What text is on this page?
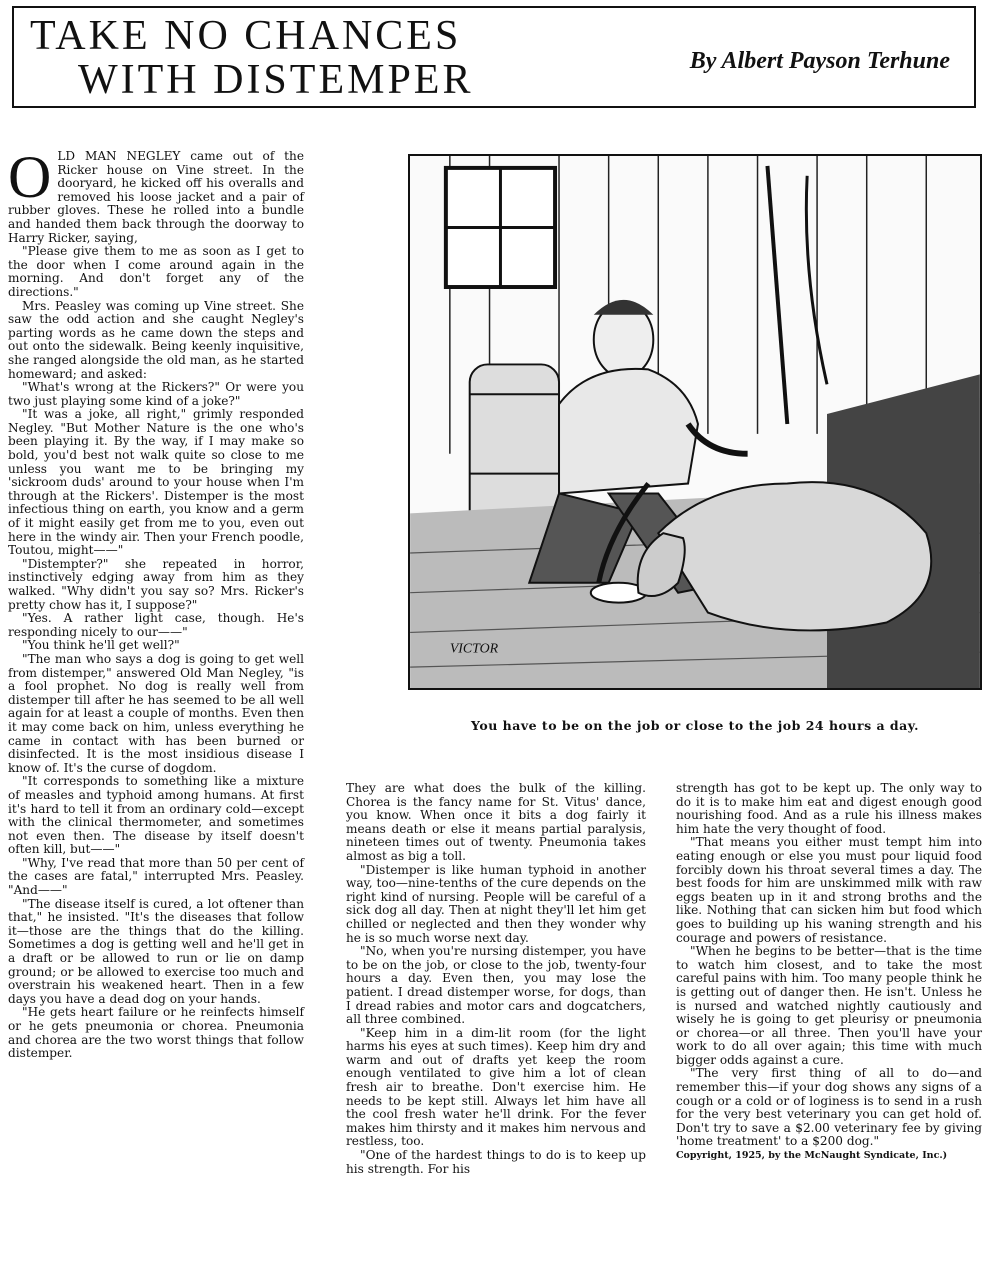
TAKE NO CHANCES
WITH DISTEMPER	By Albert Payson Terhune

OLD MAN NEGLEY came out of the Ricker house on Vine street. In the dooryard, he kicked off his overalls and removed his loose jacket and a pair of rubber gloves. These he rolled into a bundle and handed them back through the doorway to Harry Ricker, saying,

"Please give them to me as soon as I get to the door when I come around again in the morning. And don't forget any of the directions."

Mrs. Peasley was coming up Vine street. She saw the odd action and she caught Negley's parting words as he came down the steps and out onto the sidewalk. Being keenly inquisitive, she ranged alongside the old man, as he started homeward; and asked:

"What's wrong at the Rickers?" Or were you two just playing some kind of a joke?"

"It was a joke, all right," grimly responded Negley. "But Mother Nature is the one who's been playing it. By the way, if I may make so bold, you'd best not walk quite so close to me unless you want me to be bringing my 'sickroom duds' around to your house when I'm through at the Rickers'. Distemper is the most infectious thing on earth, you know and a germ of it might easily get from me to you, even out here in the windy air. Then your French poodle, Toutou, might——"

"Distempter?" she repeated in horror, instinctively edging away from him as they walked. "Why didn't you say so? Mrs. Ricker's pretty chow has it, I suppose?"

"Yes. A rather light case, though. He's responding nicely to our——"

"You think he'll get well?"

"The man who says a dog is going to get well from distemper," answered Old Man Negley, "is a fool prophet. No dog is really well from distemper till after he has seemed to be all well again for at least a couple of months. Even then it may come back on him, unless everything he came in contact with has been burned or disinfected. It is the most insidious disease I know of. It's the curse of dogdom.

"It corresponds to something like a mixture of measles and typhoid among humans. At first it's hard to tell it from an ordinary cold—except with the clinical thermometer, and sometimes not even then. The disease by itself doesn't often kill, but——"

"Why, I've read that more than 50 per cent of the cases are fatal," interrupted Mrs. Peasley. "And——"

"The disease itself is cured, a lot oftener than that," he insisted. "It's the diseases that follow it—those are the things that do the killing. Sometimes a dog is getting well and he'll get in a draft or be allowed to run or lie on damp ground; or be allowed to exercise too much and overstrain his weakened heart. Then in a few days you have a dead dog on your hands.

"He gets heart failure or he reinfects himself or he gets pneumonia or chorea. Pneumonia and chorea are the two worst things that follow distemper.

VICTOR
You have to be on the job or close to the job 24 hours a day.

They are what does the bulk of the killing. Chorea is the fancy name for St. Vitus' dance, you know. When once it bits a dog fairly it means death or else it means partial paralysis, nineteen times out of twenty. Pneumonia takes almost as big a toll.

"Distemper is like human typhoid in another way, too—nine-tenths of the cure depends on the right kind of nursing. People will be careful of a sick dog all day. Then at night they'll let him get chilled or neglected and then they wonder why he is so much worse next day.

"No, when you're nursing distemper, you have to be on the job, or close to the job, twenty-four hours a day. Even then, you may lose the patient. I dread distemper worse, for dogs, than I dread rabies and motor cars and dogcatchers, all three combined.

"Keep him in a dim-lit room (for the light harms his eyes at such times). Keep him dry and warm and out of drafts yet keep the room enough ventilated to give him a lot of clean fresh air to breathe. Don't exercise him. He needs to be kept still. Always let him have all the cool fresh water he'll drink. For the fever makes him thirsty and it makes him nervous and restless, too.

"One of the hardest things to do is to keep up his strength. For his

strength has got to be kept up. The only way to do it is to make him eat and digest enough good nourishing food. And as a rule his illness makes him hate the very thought of food.

"That means you either must tempt him into eating enough or else you must pour liquid food forcibly down his throat several times a day. The best foods for him are unskimmed milk with raw eggs beaten up in it and strong broths and the like. Nothing that can sicken him but food which goes to building up his waning strength and his courage and powers of resistance.

"When he begins to be better—that is the time to watch him closest, and to take the most careful pains with him. Too many people think he is getting out of danger then. He isn't. Unless he is nursed and watched nightly cautiously and wisely he is going to get pleurisy or pneumonia or chorea—or all three. Then you'll have your work to do all over again; this time with much bigger odds against a cure.

"The very first thing of all to do—and remember this—if your dog shows any signs of a cough or a cold or of loginess is to send in a rush for the very best veterinary you can get hold of. Don't try to save a $2.00 veterinary fee by giving 'home treatment' to a $200 dog."

Copyright, 1925, by the McNaught Syndicate, Inc.)
